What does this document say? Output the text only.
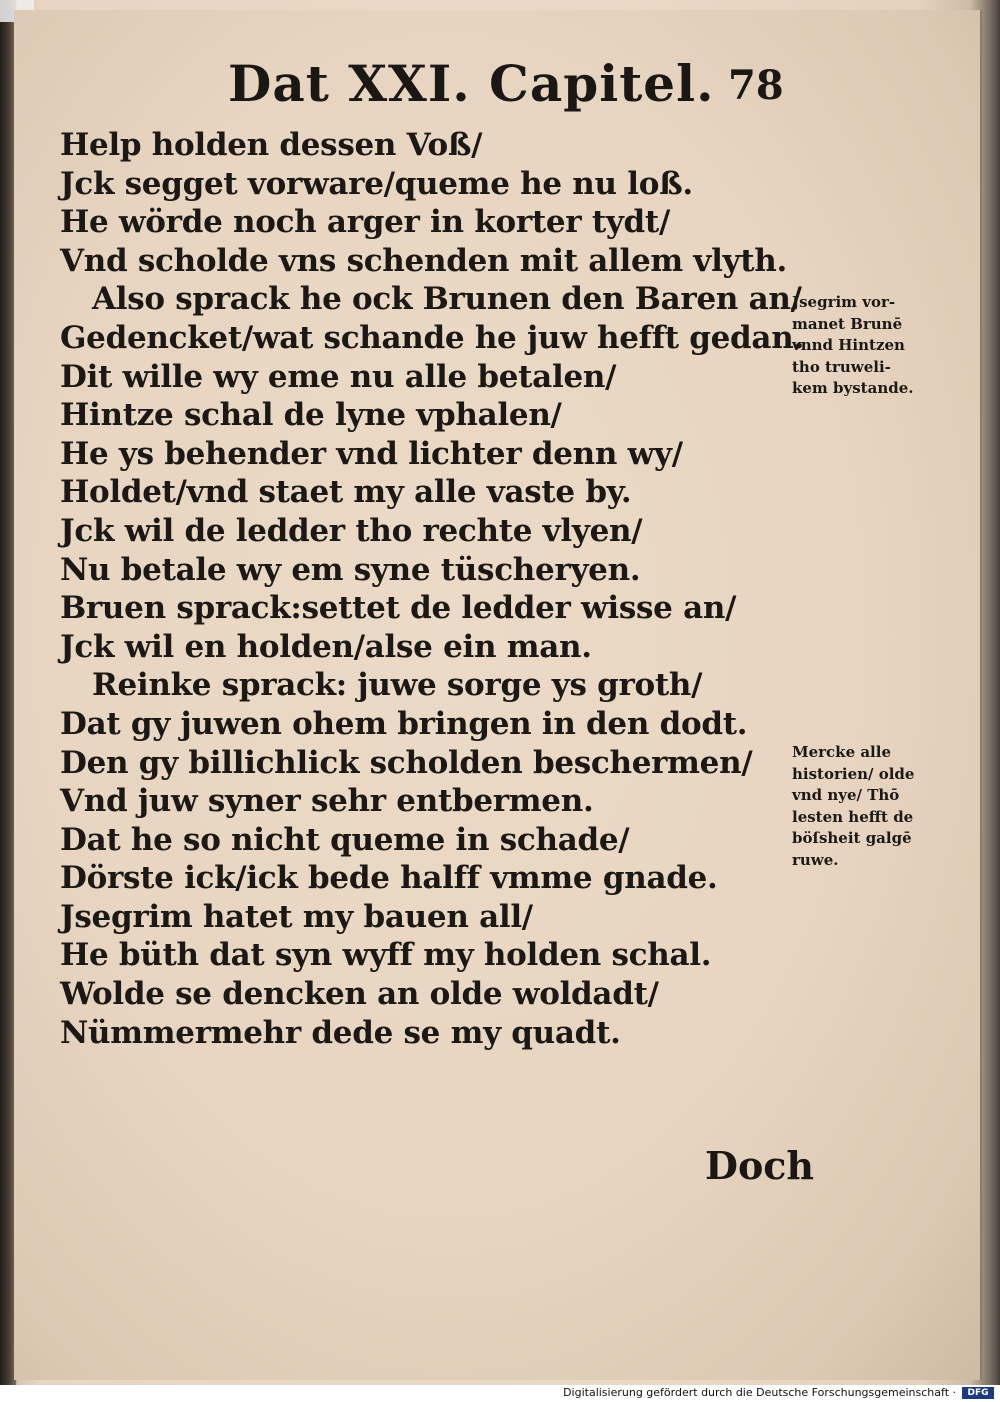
Dat XXI. Capitel. 78
Help holden dessen Voß/
Jck segget vorware/queme he nu loß.
He wörde noch arger in korter tydt/
Vnd scholde vns schenden mit allem vlyth.
Also sprack he ock Brunen den Baren an/
Gedencket/wat schande he juw hefft gedan.
Dit wille wy eme nu alle betalen/
Hintze schal de lyne vphalen/
He ys behender vnd lichter denn wy/
Holdet/vnd staet my alle vaste by.
Jck wil de ledder tho rechte vlyen/
Nu betale wy em syne tüscheryen.
Bruen sprack:settet de ledder wisse an/
Jck wil en holden/alse ein man.
Reinke sprack: juwe sorge ys groth/
Dat gy juwen ohem bringen in den dodt.
Den gy billichlick scholden beschermen/
Vnd juw syner sehr entbermen.
Dat he so nicht queme in schade/
Dörste ick/ick bede halff vmme gnade.
Jsegrim hatet my bauen all/
He büth dat syn wyff my holden schal.
Wolde se dencken an olde woldadt/
Nümmermehr dede se my quadt.
Jsegrim vor-
manet Brunē
vnnd Hintzen
tho truweli-
kem bystande.
Mercke alle
historien/ olde
vnd nye/ Thō
lesten hefft de
böſsheit galgē
ruwe.
Doch
Digitalisierung gefördert durch die Deutsche Forschungsgemeinschaft ·	DFG
